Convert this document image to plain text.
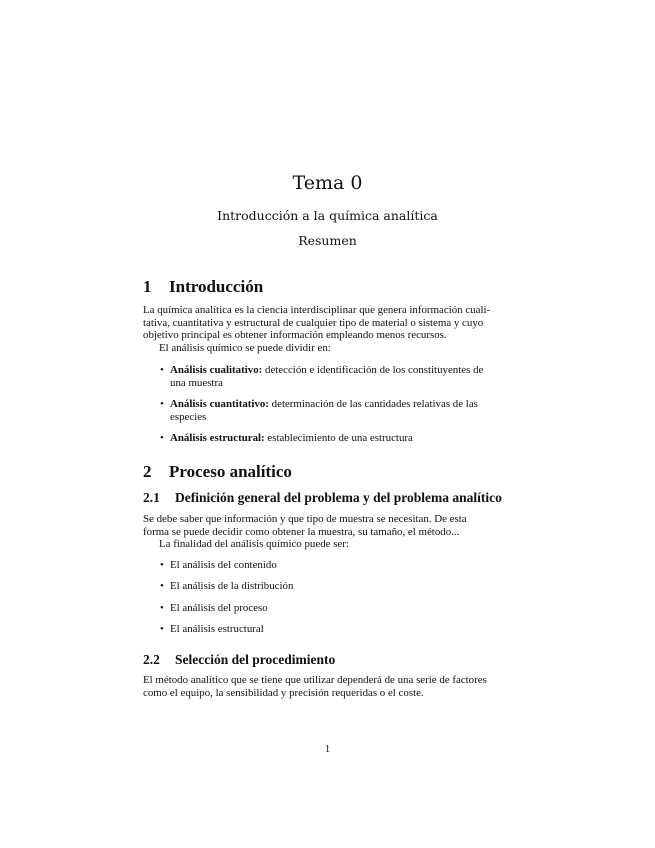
Tema 0
Introducción a la química analítica
Resumen
1 Introducción
La química analítica es la ciencia interdisciplinar que genera información cuali-
tativa, cuantitativa y estructural de cualquier tipo de material o sistema y cuyo
objetivo principal es obtener información empleando menos recursos.
El análisis químico se puede dividir en:
• Análisis cualitativo: detección e identificación de los constituyentes de
una muestra
• Análisis cuantitativo: determinación de las cantidades relativas de las
especies
• Análisis estructural: establecimiento de una estructura
2 Proceso analítico
2.1 Definición general del problema y del problema analítico
Se debe saber que información y que tipo de muestra se necesitan. De esta
forma se puede decidir como obtener la muestra, su tamaño, el método...
La finalidad del análisis químico puede ser:
• El análisis del contenido
• El análisis de la distribución
• El análisis del proceso
• El análisis estructural
2.2 Selección del procedimiento
El método analítico que se tiene que utilizar dependerá de una serie de factores
como el equipo, la sensibilidad y precisión requeridas o el coste.
1
